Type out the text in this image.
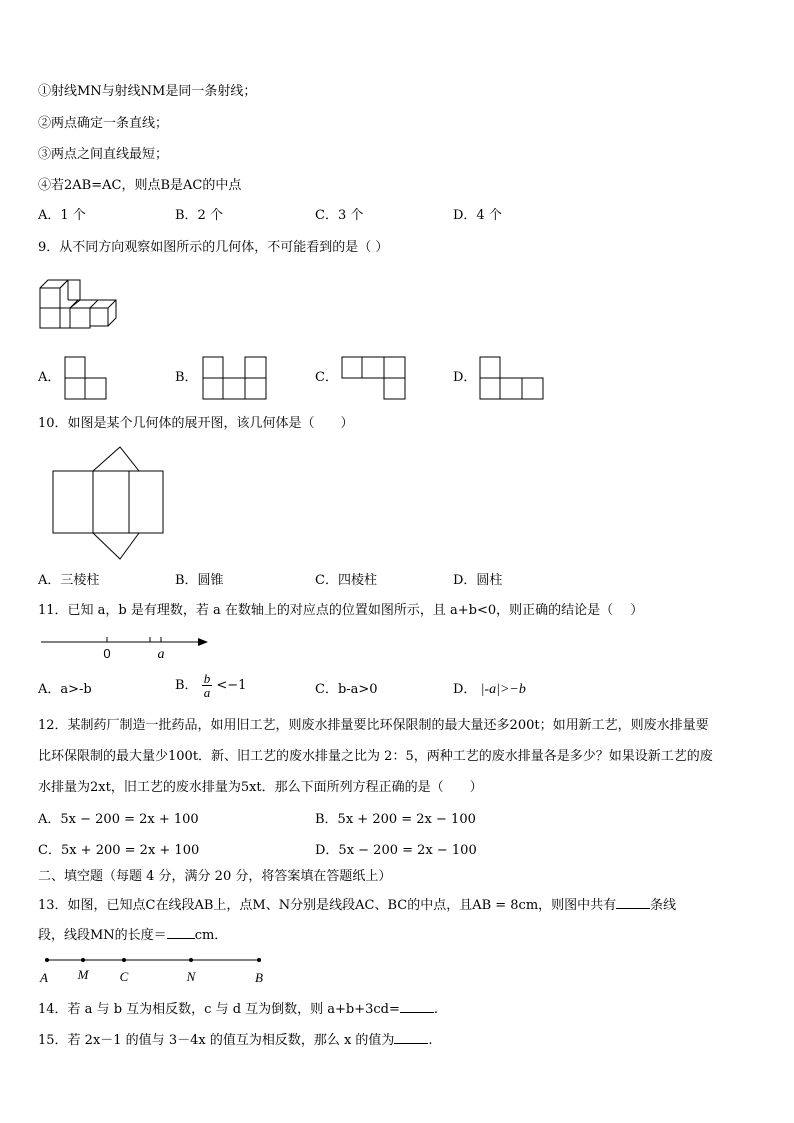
①射线MN与射线NM是同一条射线；
②两点确定一条直线；
③两点之间直线最短；
④若2AB=AC，则点B是AC的中点
A．1 个	B．2 个	C．3 个	D．4 个
9．从不同方向观察如图所示的几何体，不可能看到的是（ ）
A．	B．	C．	D．
10．如图是某个几何体的展开图，该几何体是（　　）
A．三棱柱	B．圆锥	C．四棱柱	D．圆柱
11．已知 a，b 是有理数，若 a 在数轴上的对应点的位置如图所示，且 a+b<0，则正确的结论是（　 ）
0	a
A．a>-b	B． $\frac{b}{a} <-1$	C．b-a>0	D． |-a|>−b
12．某制药厂制造一批药品，如用旧工艺，则废水排量要比环保限制的最大量还多200t；如用新工艺，则废水排量要
比环保限制的最大量少100t．新、旧工艺的废水排量之比为 2：5，两种工艺的废水排量各是多少？如果设新工艺的废
水排量为2xt，旧工艺的废水排量为5xt．那么下面所列方程正确的是（　　）
A．5x − 200 = 2x + 100	B．5x + 200 = 2x − 100
C．5x + 200 = 2x + 100	D．5x − 200 = 2x − 100
二、填空题（每题 4 分，满分 20 分，将答案填在答题纸上）
13．如图，已知点C在线段AB上，点M、N分别是线段AC、BC的中点，且AB = 8cm，则图中共有	条线
段，线段MN的长度＝ cm．
A M C	N	B
14．若 a 与 b 互为相反数，c 与 d 互为倒数，则 a+b+3cd=	.
15．若 2x－1 的值与 3－4x 的值互为相反数，那么 x 的值为	.
